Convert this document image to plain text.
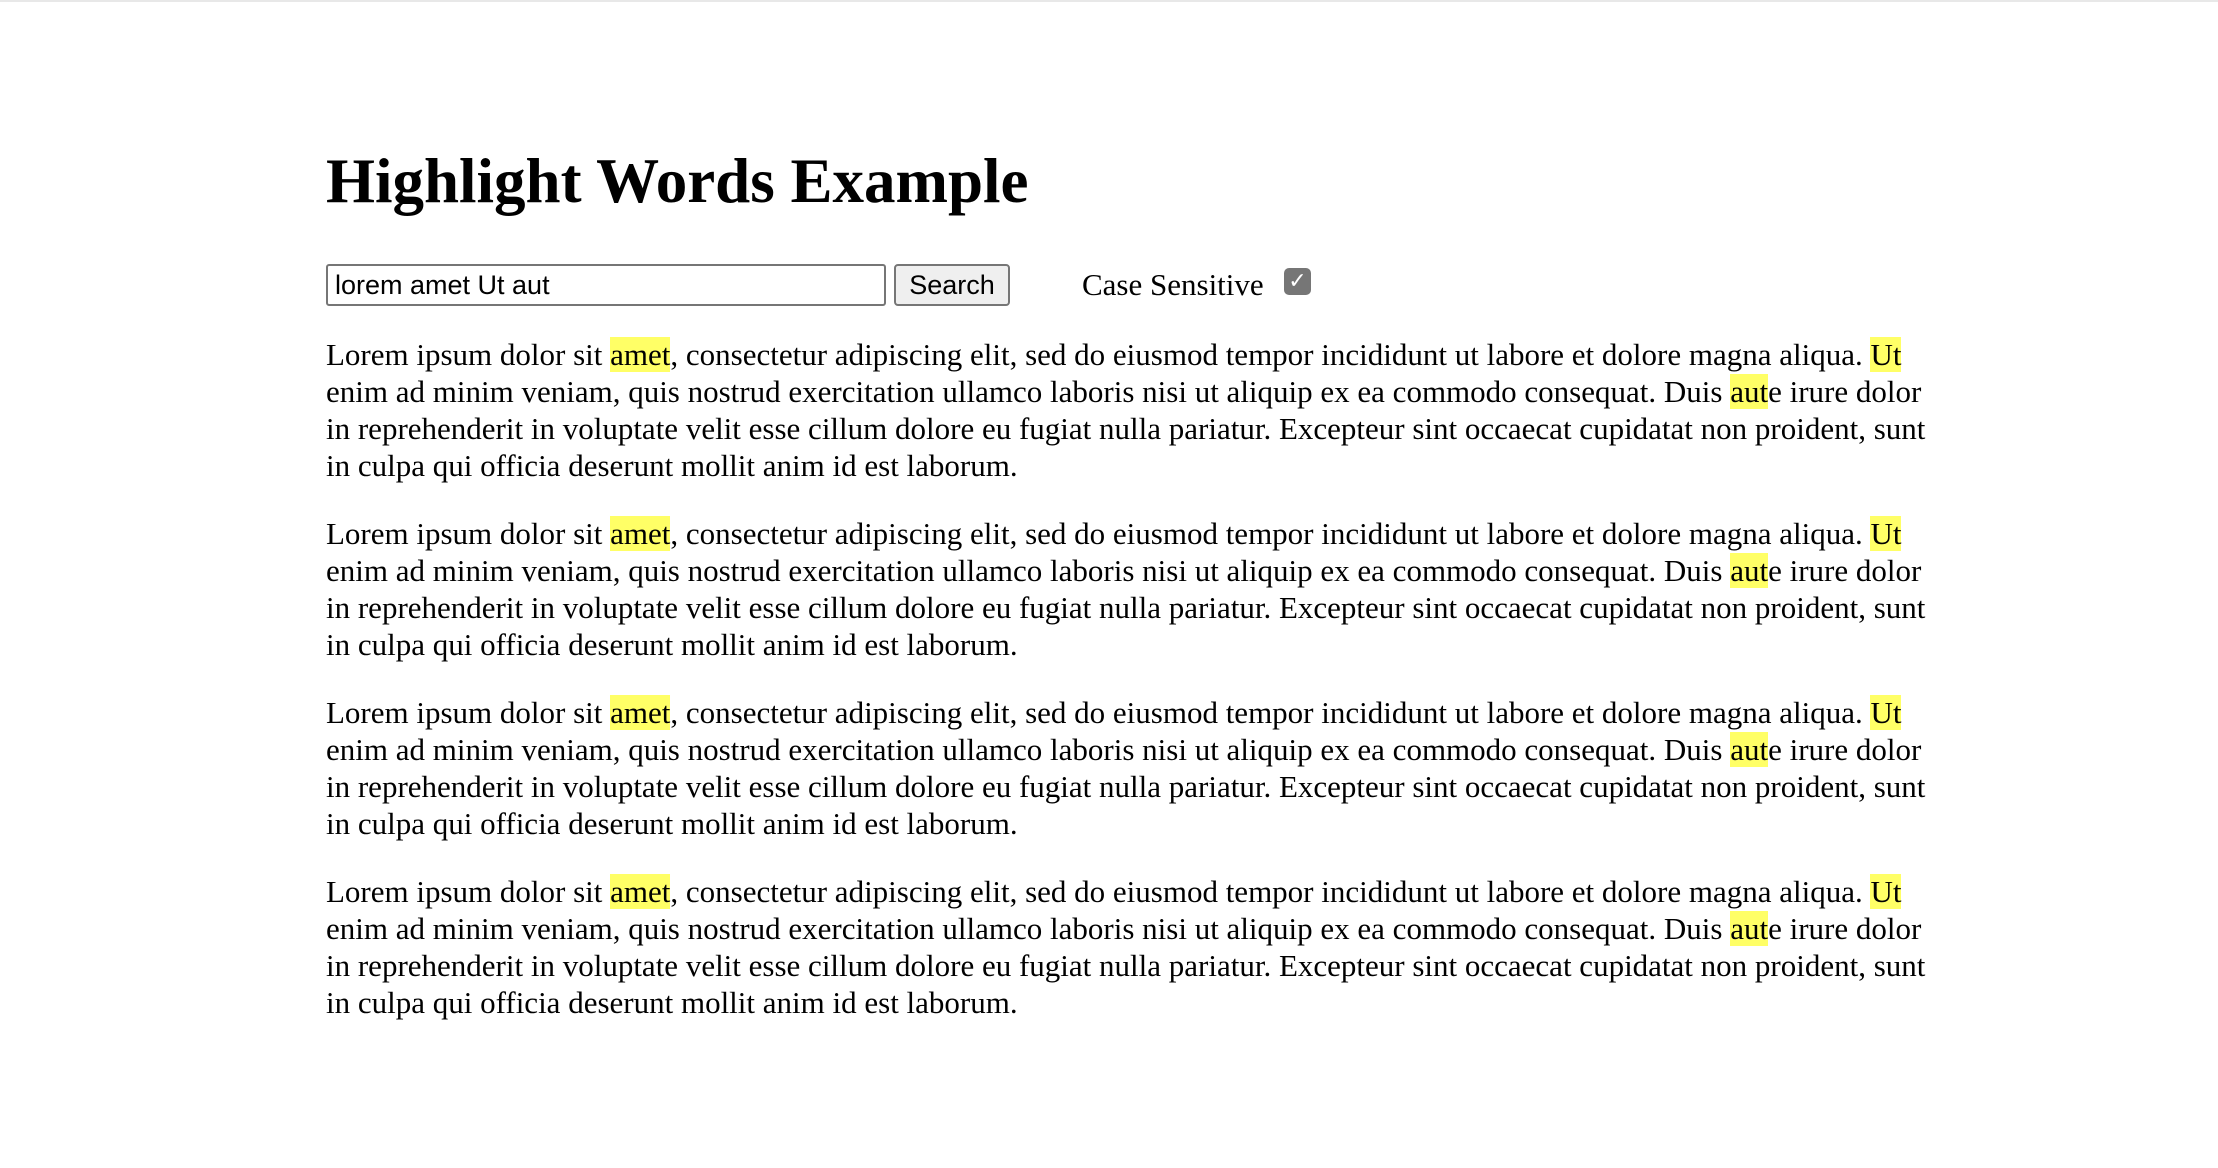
Highlight Words Example
lorem amet Ut aut
Search	Case Sensitive ✓

Lorem ipsum dolor sit amet, consectetur adipiscing elit, sed do eiusmod tempor incididunt ut labore et dolore magna aliqua. Ut enim ad minim veniam, quis nostrud exercitation ullamco laboris nisi ut aliquip ex ea commodo consequat. Duis aute irure dolor in reprehenderit in voluptate velit esse cillum dolore eu fugiat nulla pariatur. Excepteur sint occaecat cupidatat non proident, sunt in culpa qui officia deserunt mollit anim id est laborum.

Lorem ipsum dolor sit amet, consectetur adipiscing elit, sed do eiusmod tempor incididunt ut labore et dolore magna aliqua. Ut enim ad minim veniam, quis nostrud exercitation ullamco laboris nisi ut aliquip ex ea commodo consequat. Duis aute irure dolor in reprehenderit in voluptate velit esse cillum dolore eu fugiat nulla pariatur. Excepteur sint occaecat cupidatat non proident, sunt in culpa qui officia deserunt mollit anim id est laborum.

Lorem ipsum dolor sit amet, consectetur adipiscing elit, sed do eiusmod tempor incididunt ut labore et dolore magna aliqua. Ut enim ad minim veniam, quis nostrud exercitation ullamco laboris nisi ut aliquip ex ea commodo consequat. Duis aute irure dolor in reprehenderit in voluptate velit esse cillum dolore eu fugiat nulla pariatur. Excepteur sint occaecat cupidatat non proident, sunt in culpa qui officia deserunt mollit anim id est laborum.

Lorem ipsum dolor sit amet, consectetur adipiscing elit, sed do eiusmod tempor incididunt ut labore et dolore magna aliqua. Ut enim ad minim veniam, quis nostrud exercitation ullamco laboris nisi ut aliquip ex ea commodo consequat. Duis aute irure dolor in reprehenderit in voluptate velit esse cillum dolore eu fugiat nulla pariatur. Excepteur sint occaecat cupidatat non proident, sunt in culpa qui officia deserunt mollit anim id est laborum.
